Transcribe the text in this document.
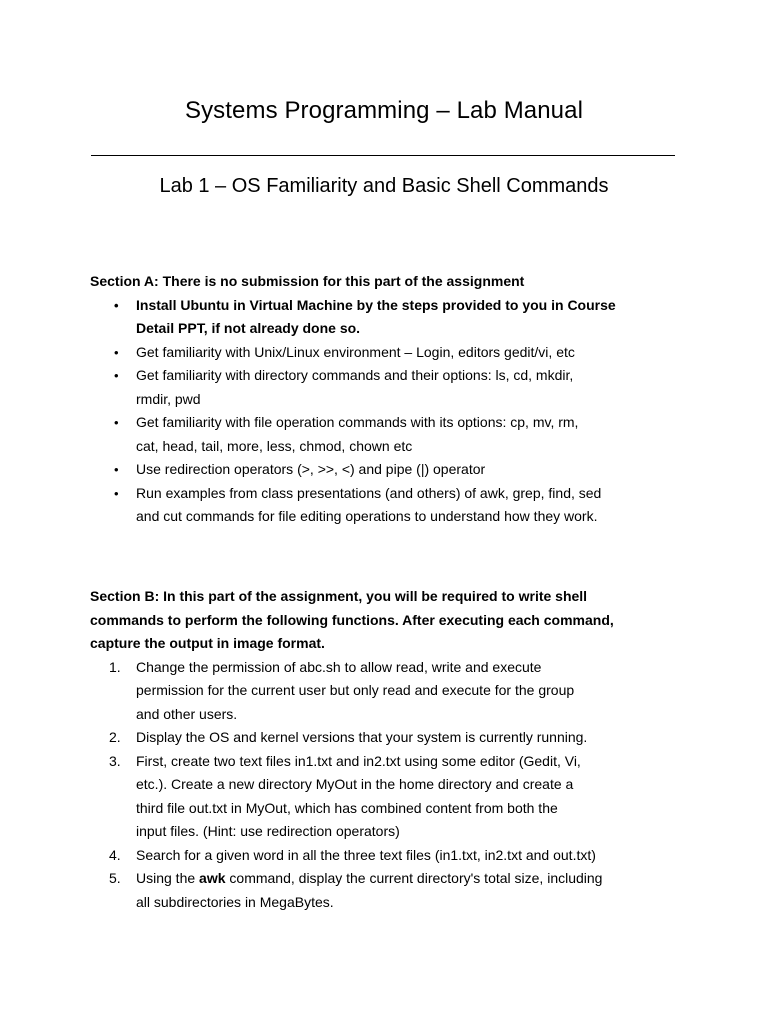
Systems Programming – Lab Manual
Lab 1 – OS Familiarity and Basic Shell Commands

Section A: There is no submission for this part of the assignment

•	Install Ubuntu in Virtual Machine by the steps provided to you in Course
Detail PPT, if not already done so.
•	Get familiarity with Unix/Linux environment – Login, editors gedit/vi, etc
•	Get familiarity with directory commands and their options: ls, cd, mkdir,
rmdir, pwd
•	Get familiarity with file operation commands with its options: cp, mv, rm,
cat, head, tail, more, less, chmod, chown etc
•	Use redirection operators (>, >>, <) and pipe (|) operator
•	Run examples from class presentations (and others) of awk, grep, find, sed
and cut commands for file editing operations to understand how they work.

Section B: In this part of the assignment, you will be required to write shell
commands to perform the following functions. After executing each command,
capture the output in image format.

1.	Change the permission of abc.sh to allow read, write and execute
permission for the current user but only read and execute for the group
and other users.
2.	Display the OS and kernel versions that your system is currently running.
3.	First, create two text files in1.txt and in2.txt using some editor (Gedit, Vi,
etc.). Create a new directory MyOut in the home directory and create a
third file out.txt in MyOut, which has combined content from both the
input files. (Hint: use redirection operators)
4.	Search for a given word in all the three text files (in1.txt, in2.txt and out.txt)
5.	Using the awk command, display the current directory's total size, including
all subdirectories in MegaBytes.
